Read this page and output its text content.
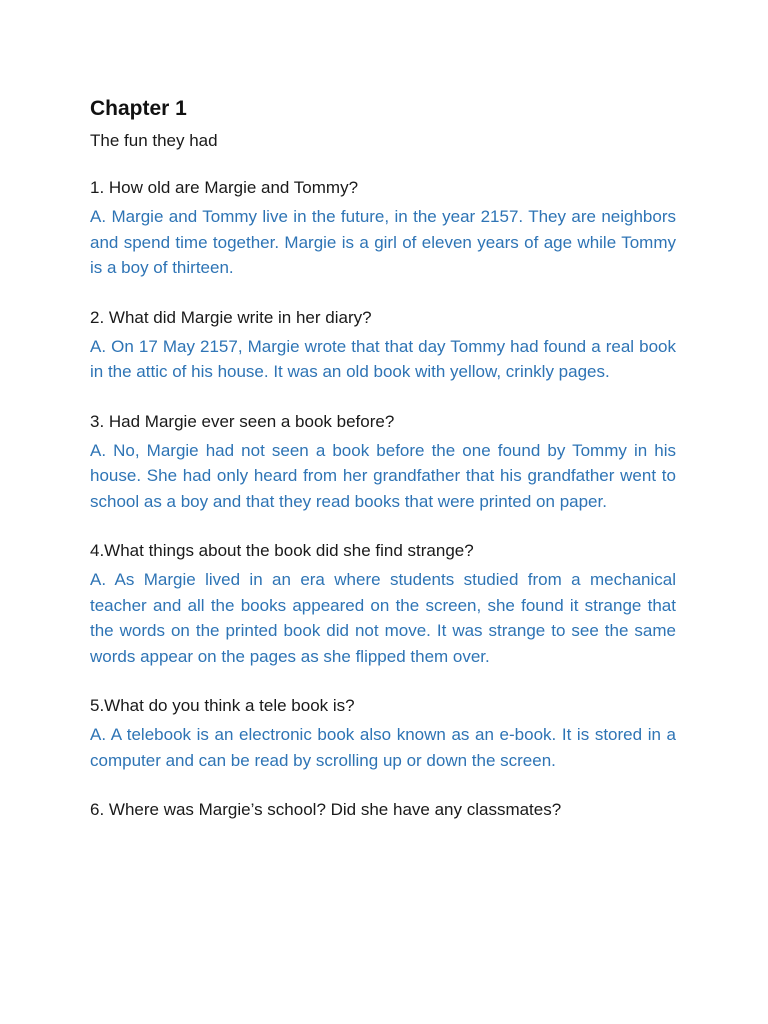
Chapter 1

The fun they had

1. How old are Margie and Tommy?

A. Margie and Tommy live in the future, in the year 2157. They are neighbors and spend time together. Margie is a girl of eleven years of age while Tommy is a boy of thirteen.

2. What did Margie write in her diary?

A. On 17 May 2157, Margie wrote that that day Tommy had found a real book in the attic of his house. It was an old book with yellow, crinkly pages.

3. Had Margie ever seen a book before?

A. No, Margie had not seen a book before the one found by Tommy in his house. She had only heard from her grandfather that his grandfather went to school as a boy and that they read books that were printed on paper.

4.What things about the book did she find strange?

A. As Margie lived in an era where students studied from a mechanical teacher and all the books appeared on the screen, she found it strange that the words on the printed book did not move. It was strange to see the same words appear on the pages as she flipped them over.

5.What do you think a tele book is?

A. A telebook is an electronic book also known as an e-book. It is stored in a computer and can be read by scrolling up or down the screen.

6. Where was Margie’s school? Did she have any classmates?
